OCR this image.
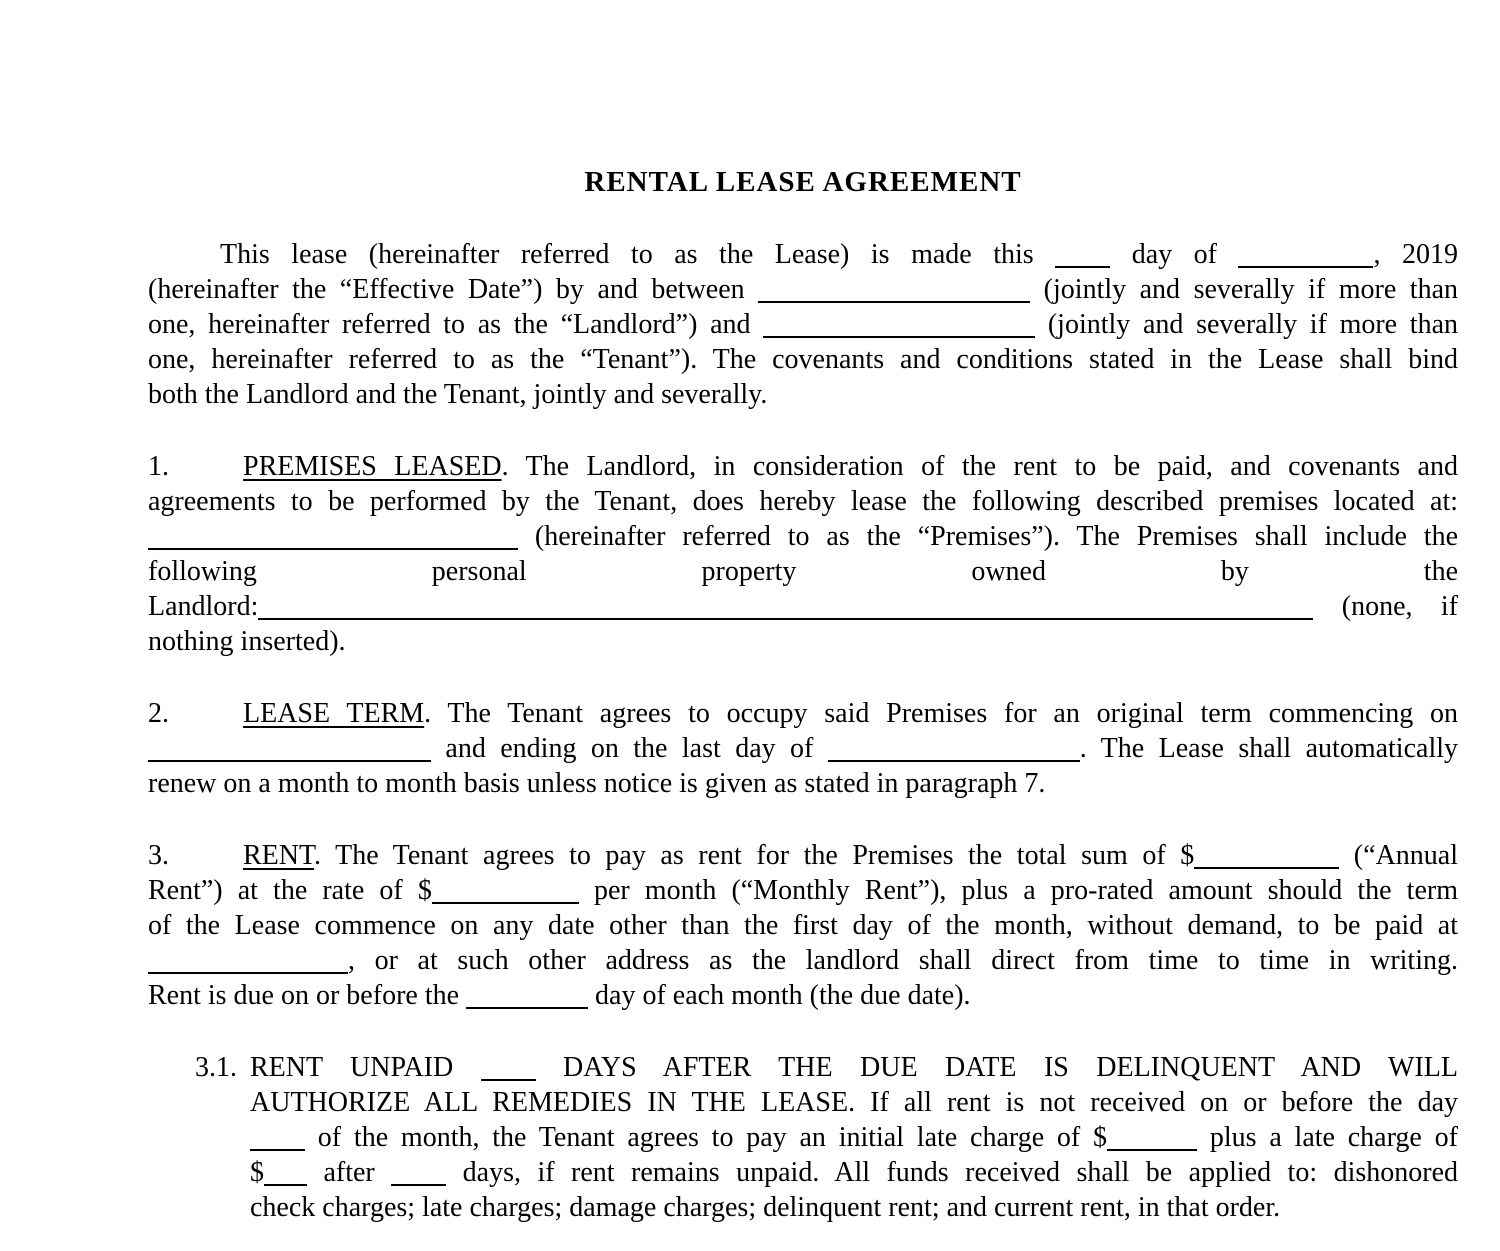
RENTAL LEASE AGREEMENT
This lease (hereinafter referred to as the Lease) is made this  day of	, 2019
(hereinafter the “Effective Date”) by and between	(jointly and severally if more than
one, hereinafter referred to as the “Landlord”) and	(jointly and severally if more than
one, hereinafter referred to as the “Tenant”). The covenants and conditions stated in the Lease shall bind
both the Landlord and the Tenant, jointly and severally.
1.	PREMISES LEASED. The Landlord, in consideration of the rent to be paid, and covenants and
agreements to be performed by the Tenant, does hereby lease the following described premises located at:
(hereinafter referred to as the “Premises”). The Premises shall include the
following personal property owned by the
Landlord:	(none, if
nothing inserted).
2.	LEASE TERM. The Tenant agrees to occupy said Premises for an original term commencing on
and ending on the last day of	. The Lease shall automatically
renew on a month to month basis unless notice is given as stated in paragraph 7.
3.	RENT. The Tenant agrees to pay as rent for the Premises the total sum of $	(“Annual
Rent”) at the rate of $	per month (“Monthly Rent”), plus a pro-rated amount should the term
of the Lease commence on any date other than the first day of the month, without demand, to be paid at
, or at such other address as the landlord shall direct from time to time in writing.
Rent is due on or before the	day of each month (the due date).
3.1. RENT UNPAID  DAYS AFTER THE DUE DATE IS DELINQUENT AND WILL
AUTHORIZE ALL REMEDIES IN THE LEASE. If all rent is not received on or before the day
of the month, the Tenant agrees to pay an initial late charge of $	plus a late charge of
$ after  days, if rent remains unpaid. All funds received shall be applied to: dishonored
check charges; late charges; damage charges; delinquent rent; and current rent, in that order.
